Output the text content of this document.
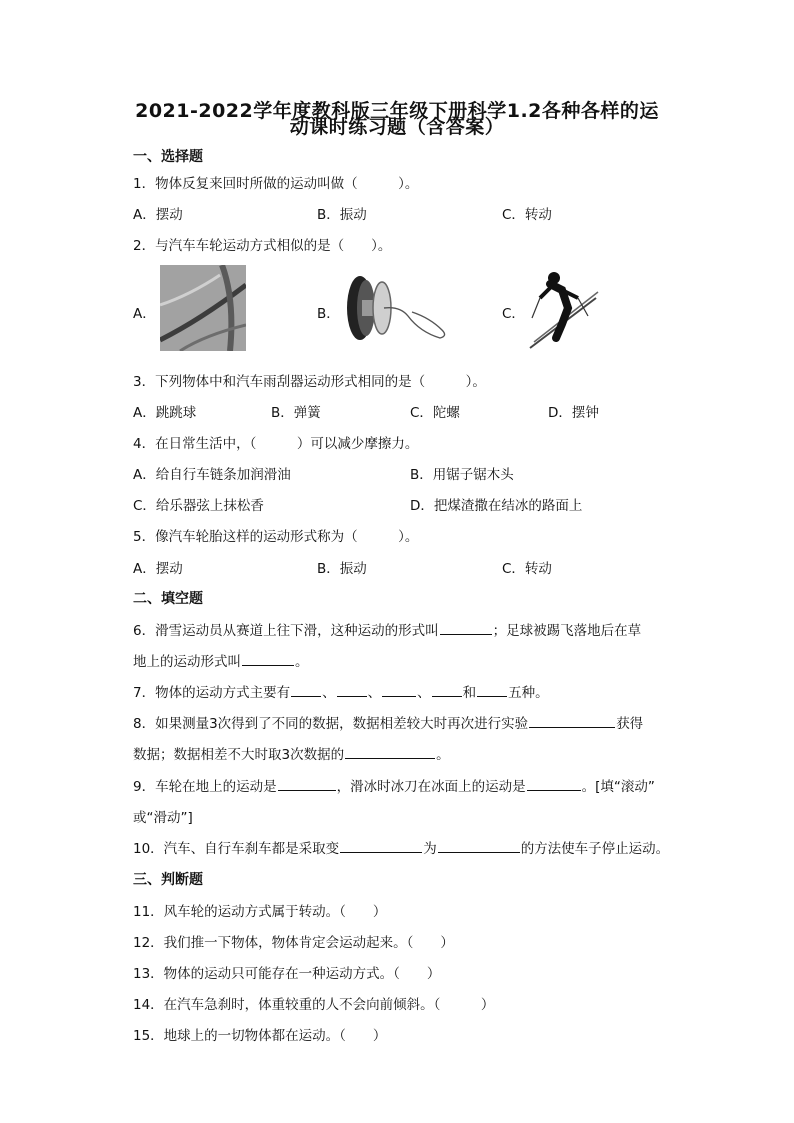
2021-2022学年度教科版三年级下册科学1.2各种各样的运
动课时练习题（含答案）
一、选择题
1．物体反复来回时所做的运动叫做（　　　）。
A．摆动	B．振动	C．转动
2．与汽车车轮运动方式相似的是（　　）。
A．	B．	C．
3．下列物体中和汽车雨刮器运动形式相同的是（　　　）。
A．跳跳球	B．弹簧	C．陀螺	D．摆钟
4．在日常生活中，（　　　）可以减少摩擦力。
A．给自行车链条加润滑油	B．用锯子锯木头
C．给乐器弦上抹松香	D．把煤渣撒在结冰的路面上
5．像汽车轮胎这样的运动形式称为（　　　）。
A．摆动	B．振动	C．转动
二、填空题
6．滑雪运动员从赛道上往下滑，这种运动的形式叫	；足球被踢飞落地后在草
地上的运动形式叫	。
7．物体的运动方式主要有 、 、	、 和 五种。
8．如果测量3次得到了不同的数据，数据相差较大时再次进行实验	获得
数据；数据相差不大时取3次数据的	。
9．车轮在地上的运动是	，滑冰时冰刀在冰面上的运动是	。[填“滚动”
或“滑动”]
10．汽车、自行车刹车都是采取变	为	的方法使车子停止运动。
三、判断题
11．风车轮的运动方式属于转动。（　　）
12．我们推一下物体，物体肯定会运动起来。（　　）
13．物体的运动只可能存在一种运动方式。（　　）
14．在汽车急刹时，体重较重的人不会向前倾斜。（　　　）
15．地球上的一切物体都在运动。（　　）
